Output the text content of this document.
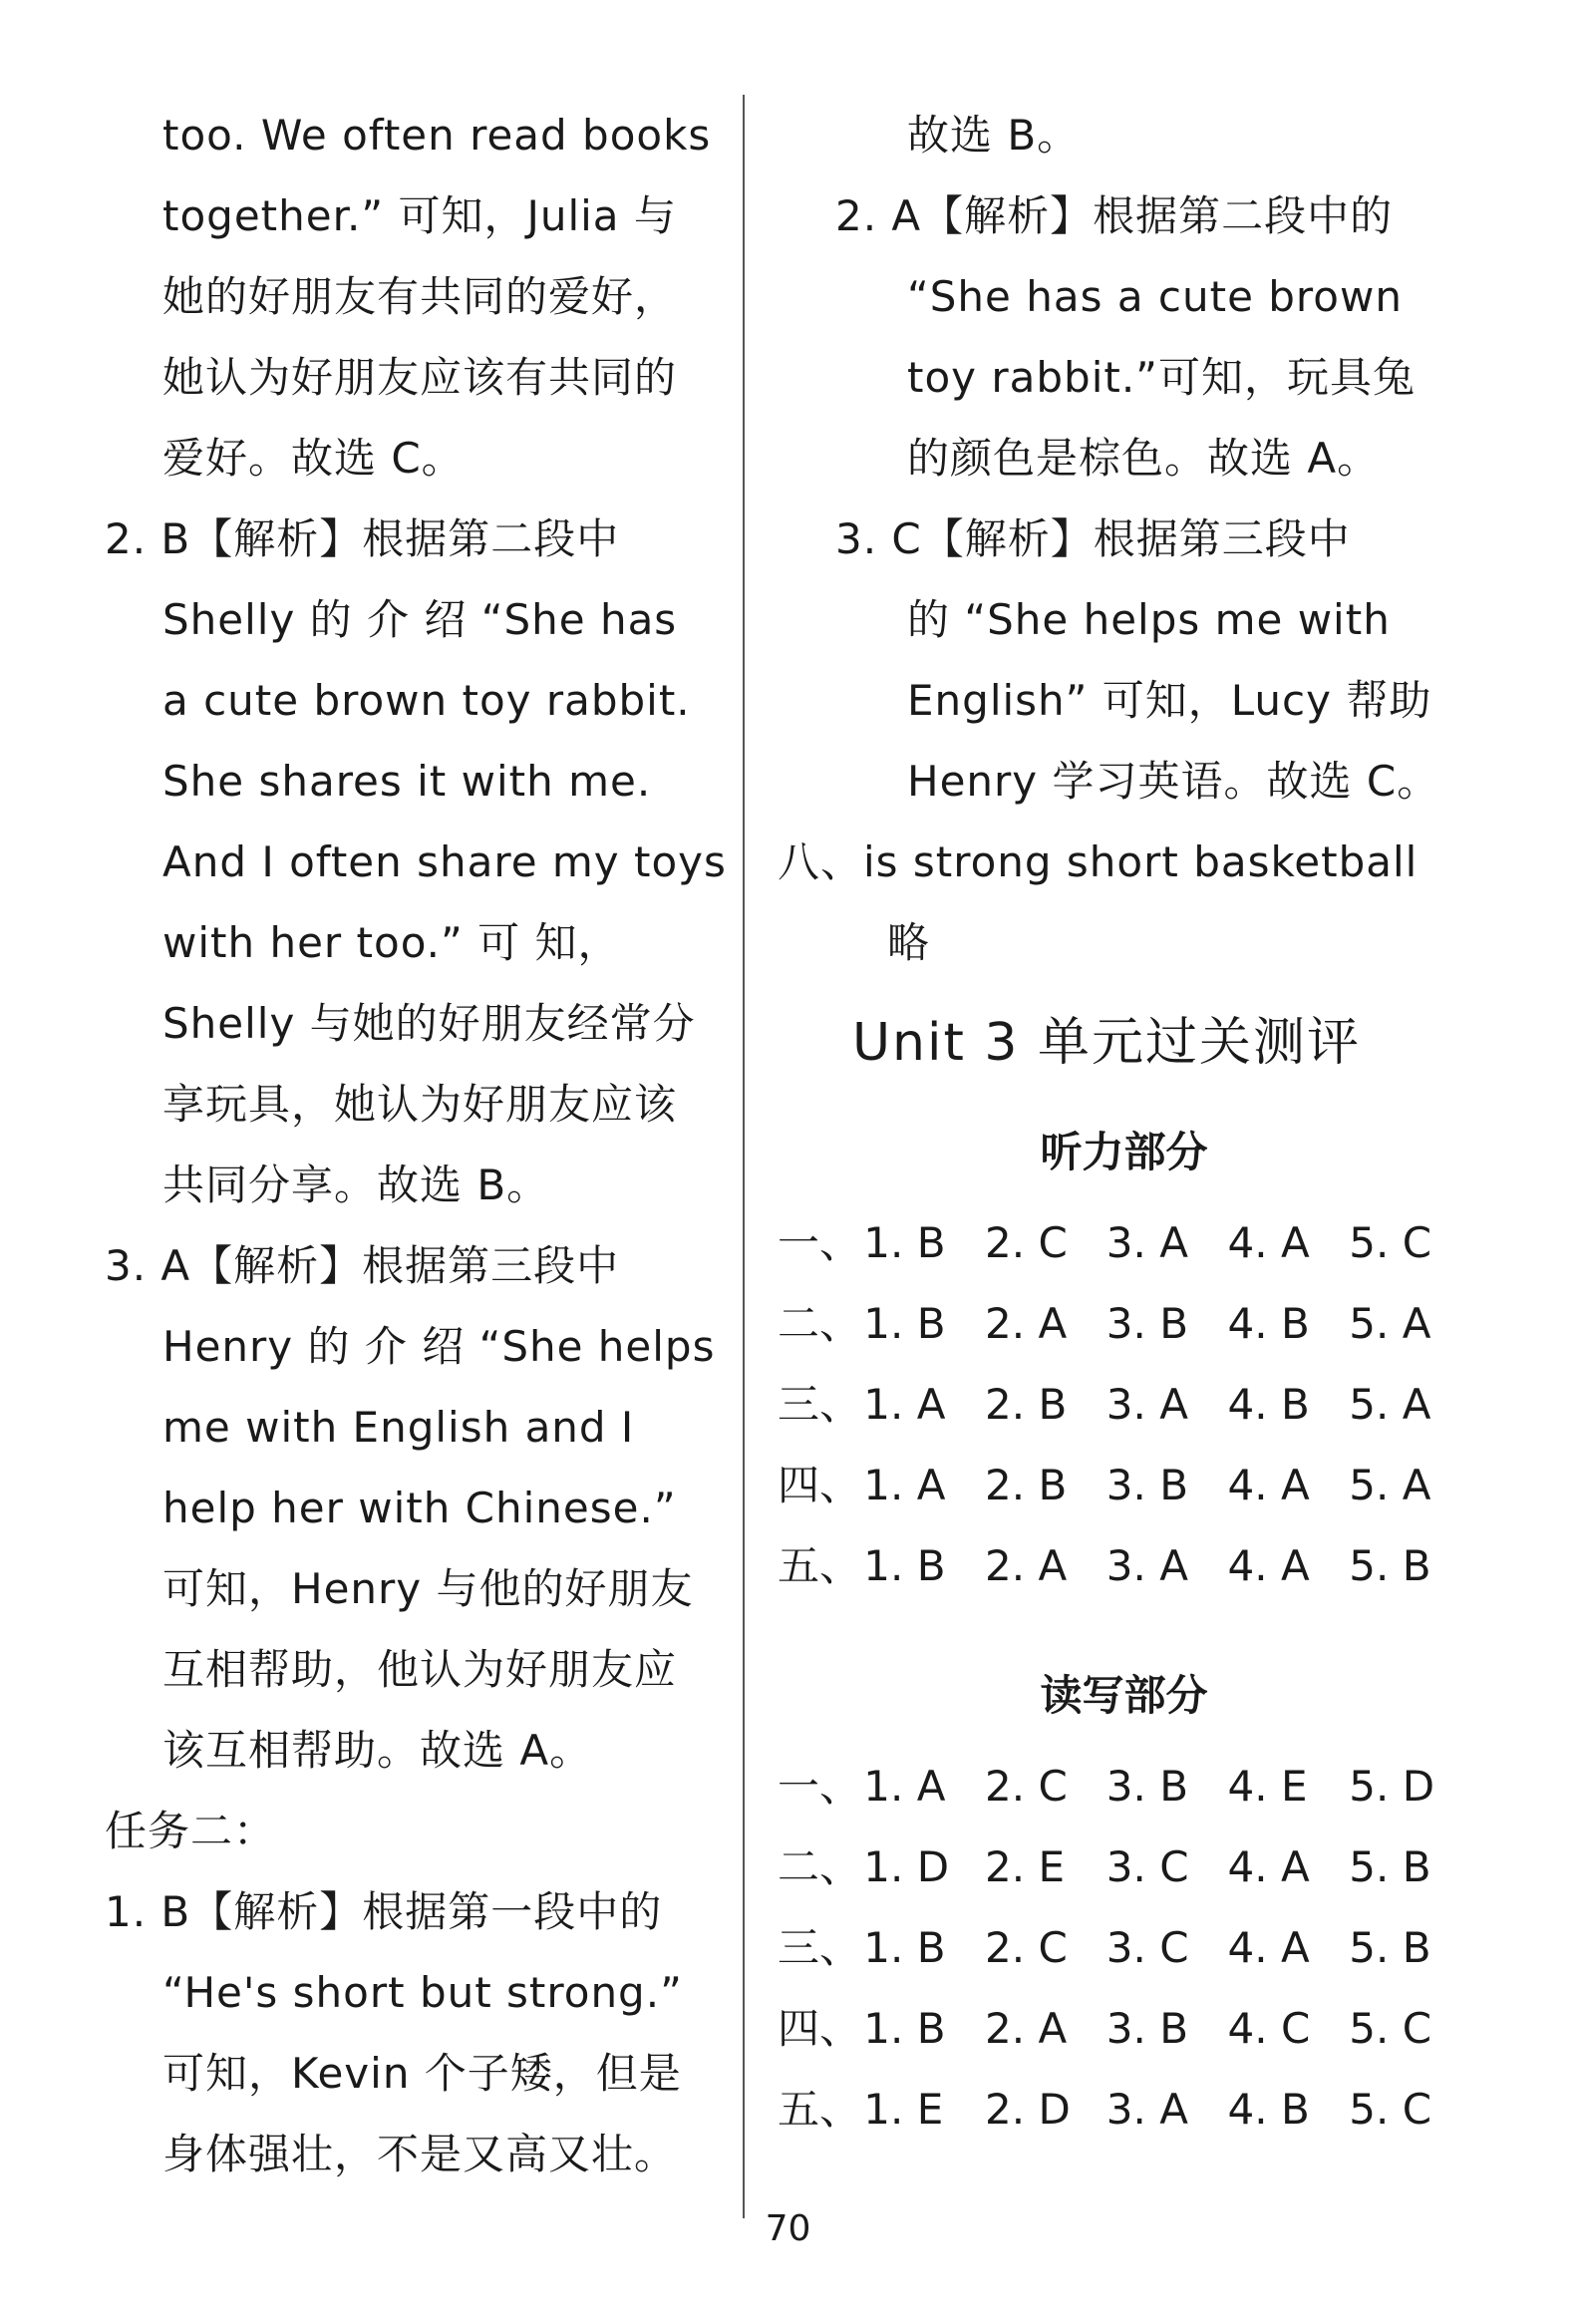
too. We often read books
together.” 可知，Julia 与
她的好朋友有共同的爱好，
她认为好朋友应该有共同的
爱好。故选 C。
2. B【解析】根据第二段中
Shelly 的 介 绍 “She has
a cute brown toy rabbit.
She shares it with me.
And I often share my toys
with her too.” 可 知，
Shelly 与她的好朋友经常分
享玩具，她认为好朋友应该
共同分享。故选 B。
3. A【解析】根据第三段中
Henry 的 介 绍 “She helps
me with English and I
help her with Chinese.”
可知，Henry 与他的好朋友
互相帮助，他认为好朋友应
该互相帮助。故选 A。
任务二：
1. B【解析】根据第一段中的
“He's short but strong.”
可知，Kevin 个子矮，但是
身体强壮，不是又高又壮。
故选 B。
2. A【解析】根据第二段中的
“She has a cute brown
toy rabbit.”可知，玩具兔
的颜色是棕色。故选 A。
3. C【解析】根据第三段中
的 “She helps me with
English” 可知，Lucy 帮助
Henry 学习英语。故选 C。
八、is strong short basketball
略
Unit 3 单元过关测评
听力部分
一、 1. B 2. C 3. A 4. A 5. C
二、 1. B 2. A 3. B 4. B 5. A
三、 1. A 2. B 3. A 4. B 5. A
四、 1. A 2. B 3. B 4. A 5. A
五、 1. B 2. A 3. A 4. A 5. B
读写部分
一、 1. A 2. C 3. B 4. E 5. D
二、 1. D 2. E 3. C 4. A 5. B
三、 1. B 2. C 3. C 4. A 5. B
四、 1. B 2. A 3. B 4. C 5. C
五、 1. E 2. D 3. A 4. B 5. C
70
